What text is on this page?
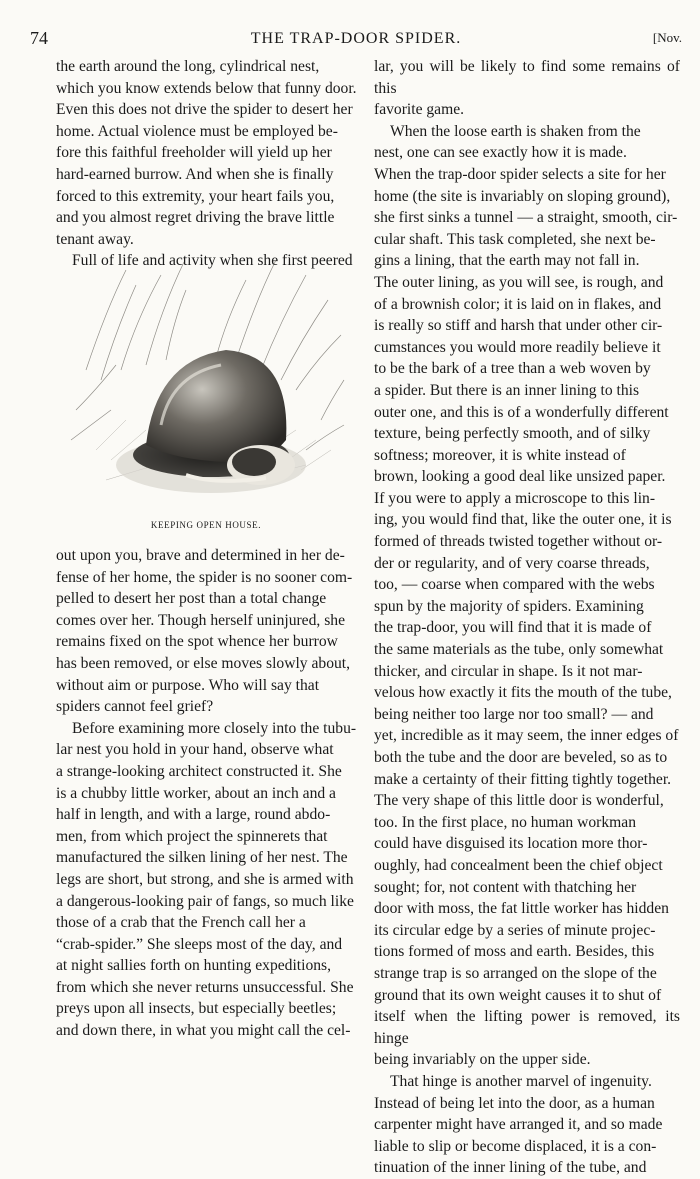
74	THE TRAP-DOOR SPIDER.	[Nov.

the earth around the long, cylindrical nest,

which you know extends below that funny door.

Even this does not drive the spider to desert her

home. Actual violence must be employed be-

fore this faithful freeholder will yield up her

hard-earned burrow. And when she is finally

forced to this extremity, your heart fails you,

and you almost regret driving the brave little

tenant away.

Full of life and activity when she first peered

KEEPING OPEN HOUSE.

out upon you, brave and determined in her de-

fense of her home, the spider is no sooner com-

pelled to desert her post than a total change

comes over her. Though herself uninjured, she

remains fixed on the spot whence her burrow

has been removed, or else moves slowly about,

without aim or purpose. Who will say that

spiders cannot feel grief?

Before examining more closely into the tubu-

lar nest you hold in your hand, observe what

a strange-looking architect constructed it. She

is a chubby little worker, about an inch and a

half in length, and with a large, round abdo-

men, from which project the spinnerets that

manufactured the silken lining of her nest. The

legs are short, but strong, and she is armed with

a dangerous-looking pair of fangs, so much like

those of a crab that the French call her a

“crab-spider.” She sleeps most of the day, and

at night sallies forth on hunting expeditions,

from which she never returns unsuccessful. She

preys upon all insects, but especially beetles;

and down there, in what you might call the cel-

lar, you will be likely to find some remains of this

favorite game.

When the loose earth is shaken from the

nest, one can see exactly how it is made.

When the trap-door spider selects a site for her

home (the site is invariably on sloping ground),

she first sinks a tunnel — a straight, smooth, cir-

cular shaft. This task completed, she next be-

gins a lining, that the earth may not fall in.

The outer lining, as you will see, is rough, and

of a brownish color; it is laid on in flakes, and

is really so stiff and harsh that under other cir-

cumstances you would more readily believe it

to be the bark of a tree than a web woven by

a spider. But there is an inner lining to this

outer one, and this is of a wonderfully different

texture, being perfectly smooth, and of silky

softness; moreover, it is white instead of

brown, looking a good deal like unsized paper.

If you were to apply a microscope to this lin-

ing, you would find that, like the outer one, it is

formed of threads twisted together without or-

der or regularity, and of very coarse threads,

too, — coarse when compared with the webs

spun by the majority of spiders. Examining

the trap-door, you will find that it is made of

the same materials as the tube, only somewhat

thicker, and circular in shape. Is it not mar-

velous how exactly it fits the mouth of the tube,

being neither too large nor too small? — and

yet, incredible as it may seem, the inner edges of

both the tube and the door are beveled, so as to

make a certainty of their fitting tightly together.

The very shape of this little door is wonderful,

too. In the first place, no human workman

could have disguised its location more thor-

oughly, had concealment been the chief object

sought; for, not content with thatching her

door with moss, the fat little worker has hidden

its circular edge by a series of minute projec-

tions formed of moss and earth. Besides, this

strange trap is so arranged on the slope of the

ground that its own weight causes it to shut of

itself when the lifting power is removed, its hinge

being invariably on the upper side.

That hinge is another marvel of ingenuity.

Instead of being let into the door, as a human

carpenter might have arranged it, and so made

liable to slip or become displaced, it is a con-

tinuation of the inner lining of the tube, and
